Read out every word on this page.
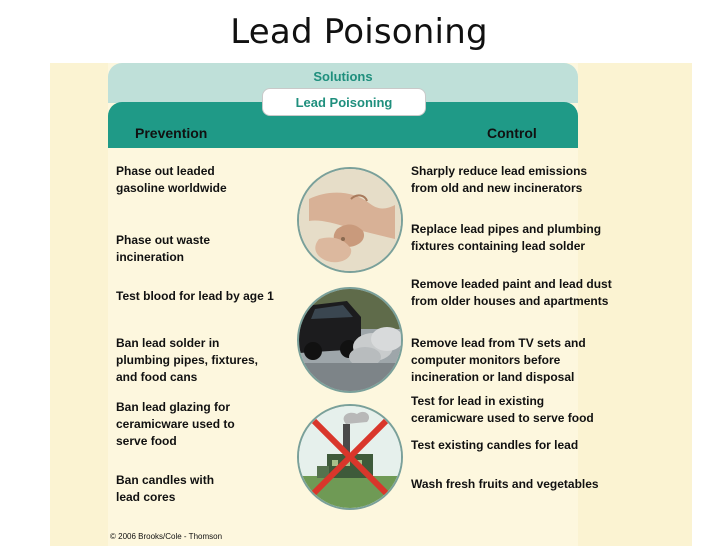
Lead Poisoning
Solutions
Lead Poisoning
Prevention	Control
Phase out leaded
gasoline worldwide
Phase out waste
incineration
Test blood for lead by age 1
Ban lead solder in
plumbing pipes, fixtures,
and food cans
Ban lead glazing for
ceramicware used to
serve food
Ban candles with
lead cores
Sharply reduce lead emissions
from old and new incinerators
Replace lead pipes and plumbing
fixtures containing lead solder
Remove leaded paint and lead dust
from older houses and apartments
Remove lead from TV sets and
computer monitors before
incineration or land disposal
Test for lead in existing
ceramicware used to serve food
Test existing candles for lead
Wash fresh fruits and vegetables
© 2006 Brooks/Cole - Thomson
